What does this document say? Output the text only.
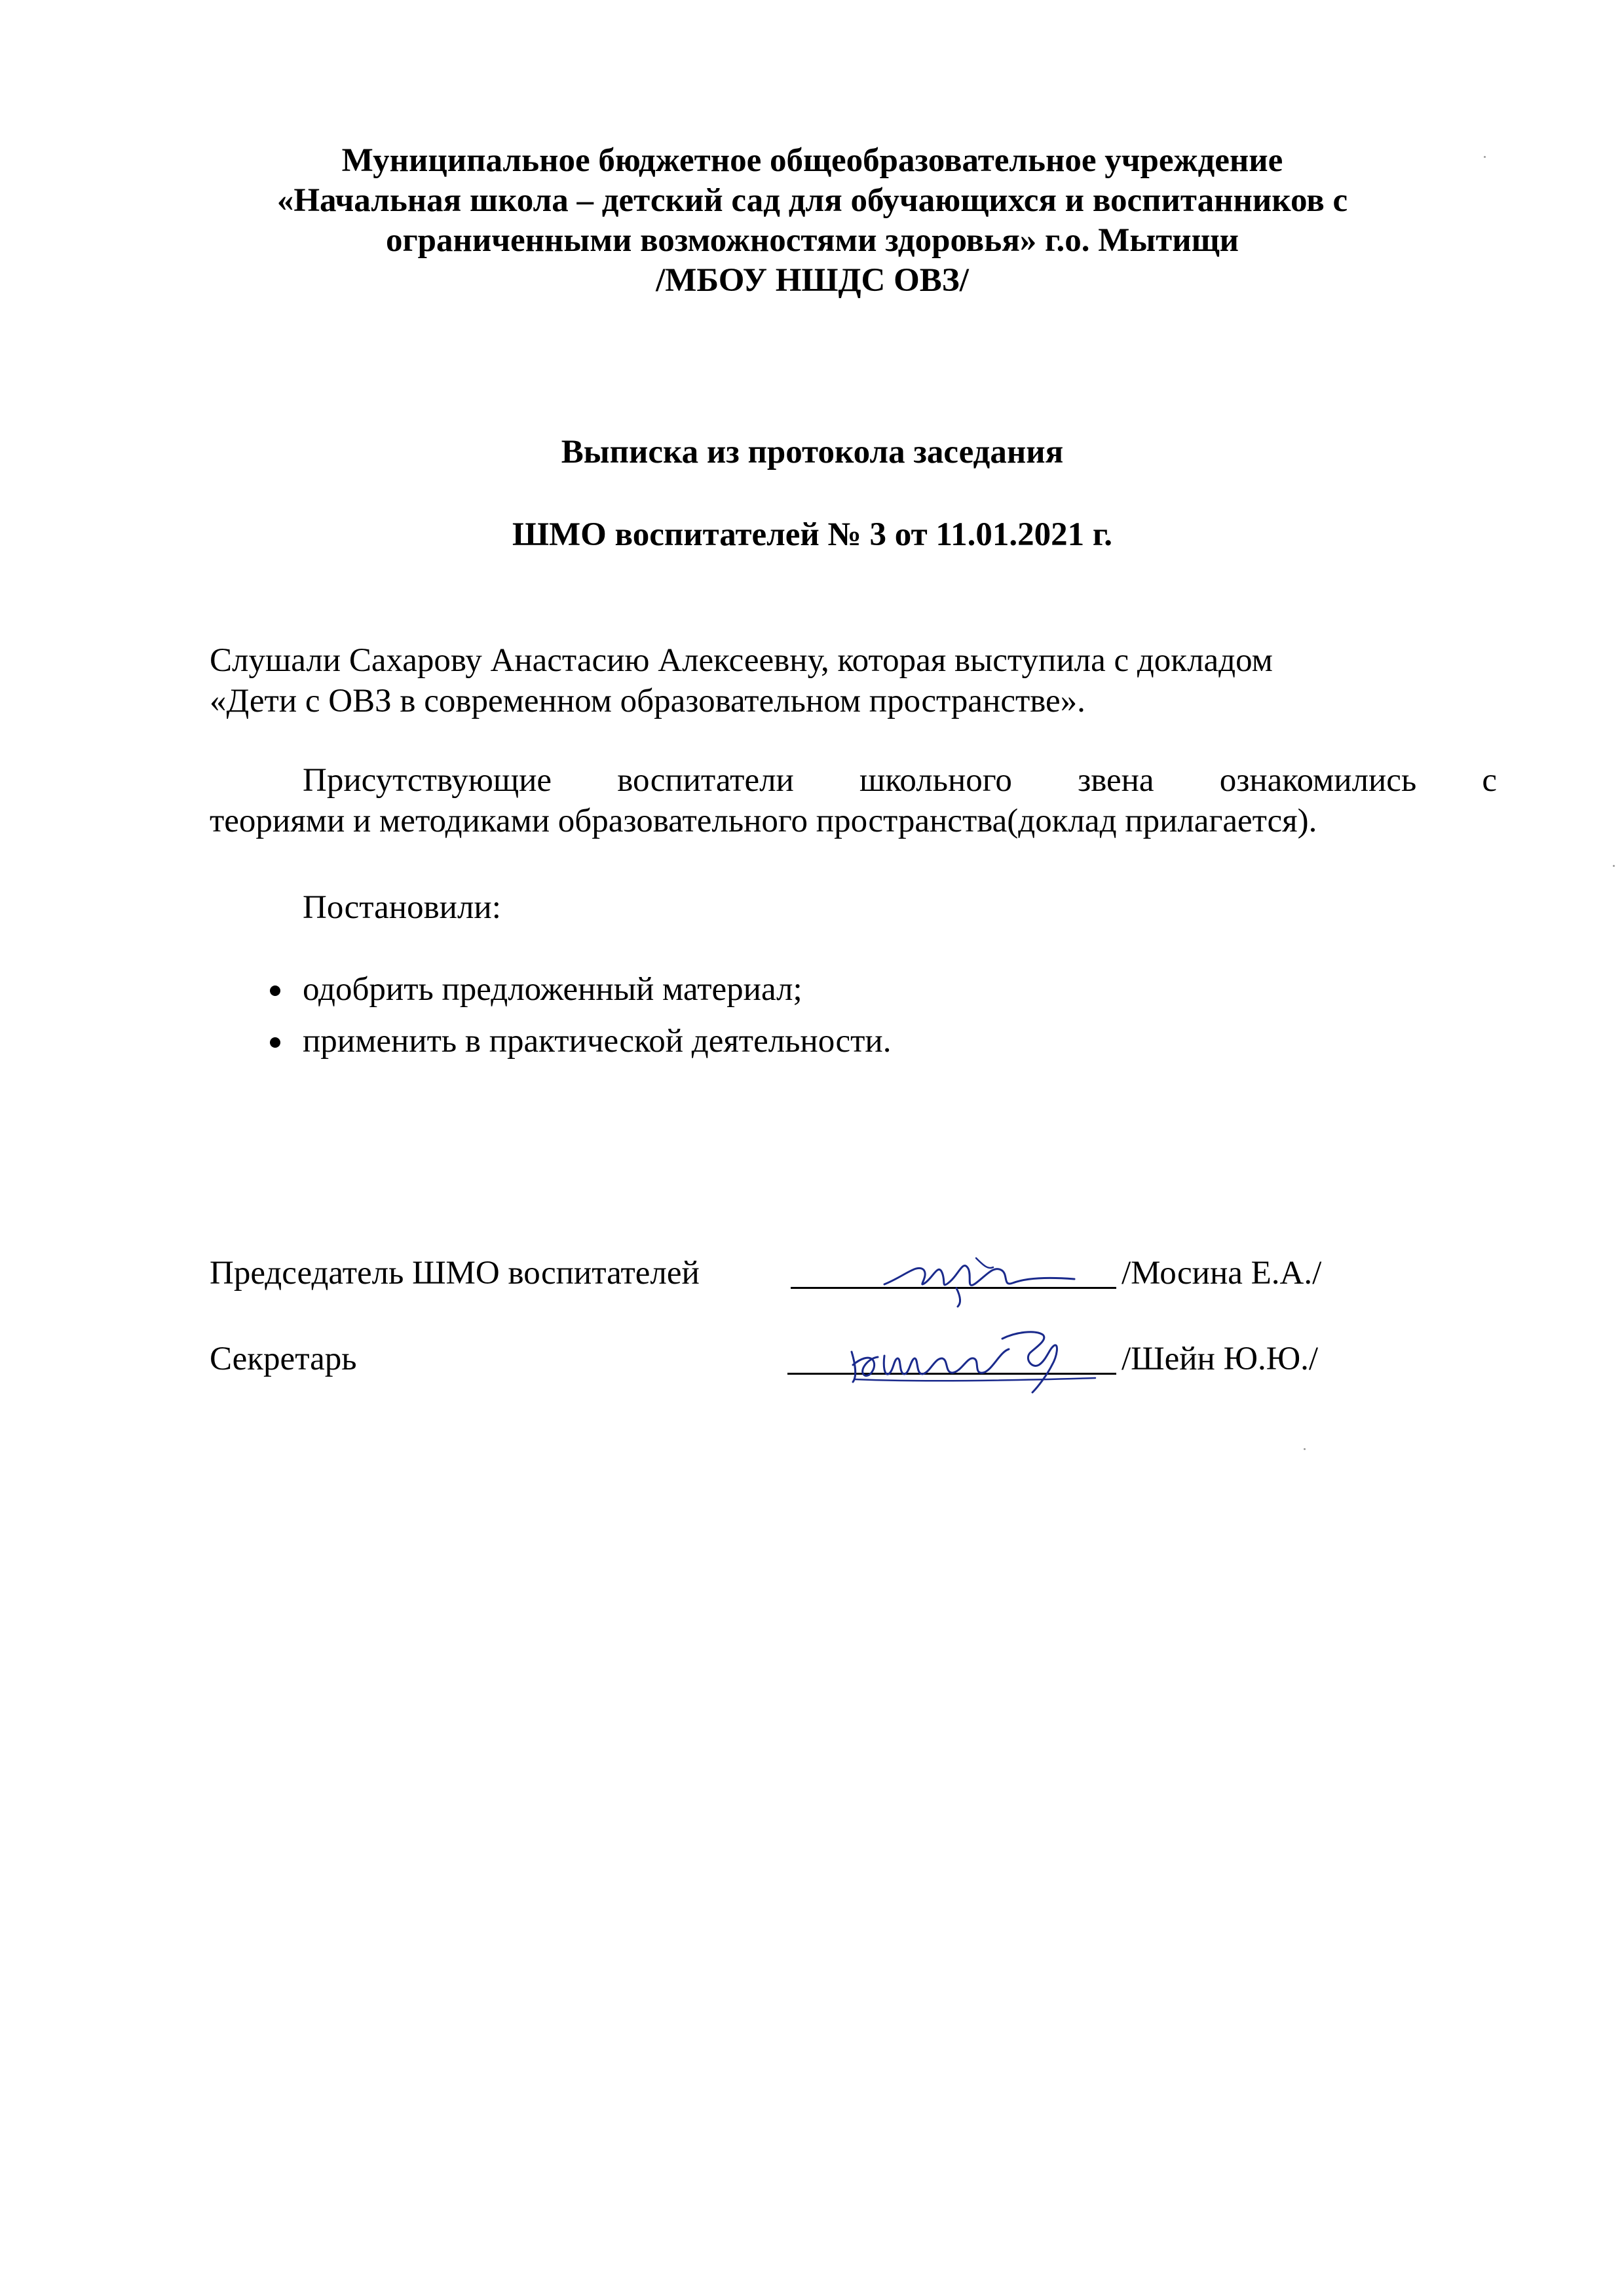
Муниципальное бюджетное общеобразовательное учреждение
«Начальная школа – детский сад для обучающихся и воспитанников с
ограниченными возможностями здоровья» г.о. Мытищи
/МБОУ НШДС ОВЗ/
Выписка из протокола заседания
ШМО воспитателей № 3 от 11.01.2021 г.
Слушали Сахарову Анастасию Алексеевну, которая выступила с докладом
«Дети с ОВЗ в современном образовательном пространстве».
Присутствующие воспитатели школьного звена ознакомились с
теориями и методиками образовательного пространства(доклад прилагается).
Постановили:
одобрить предложенный материал;
применить в практической деятельности.
Председатель ШМО воспитателей	/Мосина Е.А./
Секретарь	/Шейн Ю.Ю./
